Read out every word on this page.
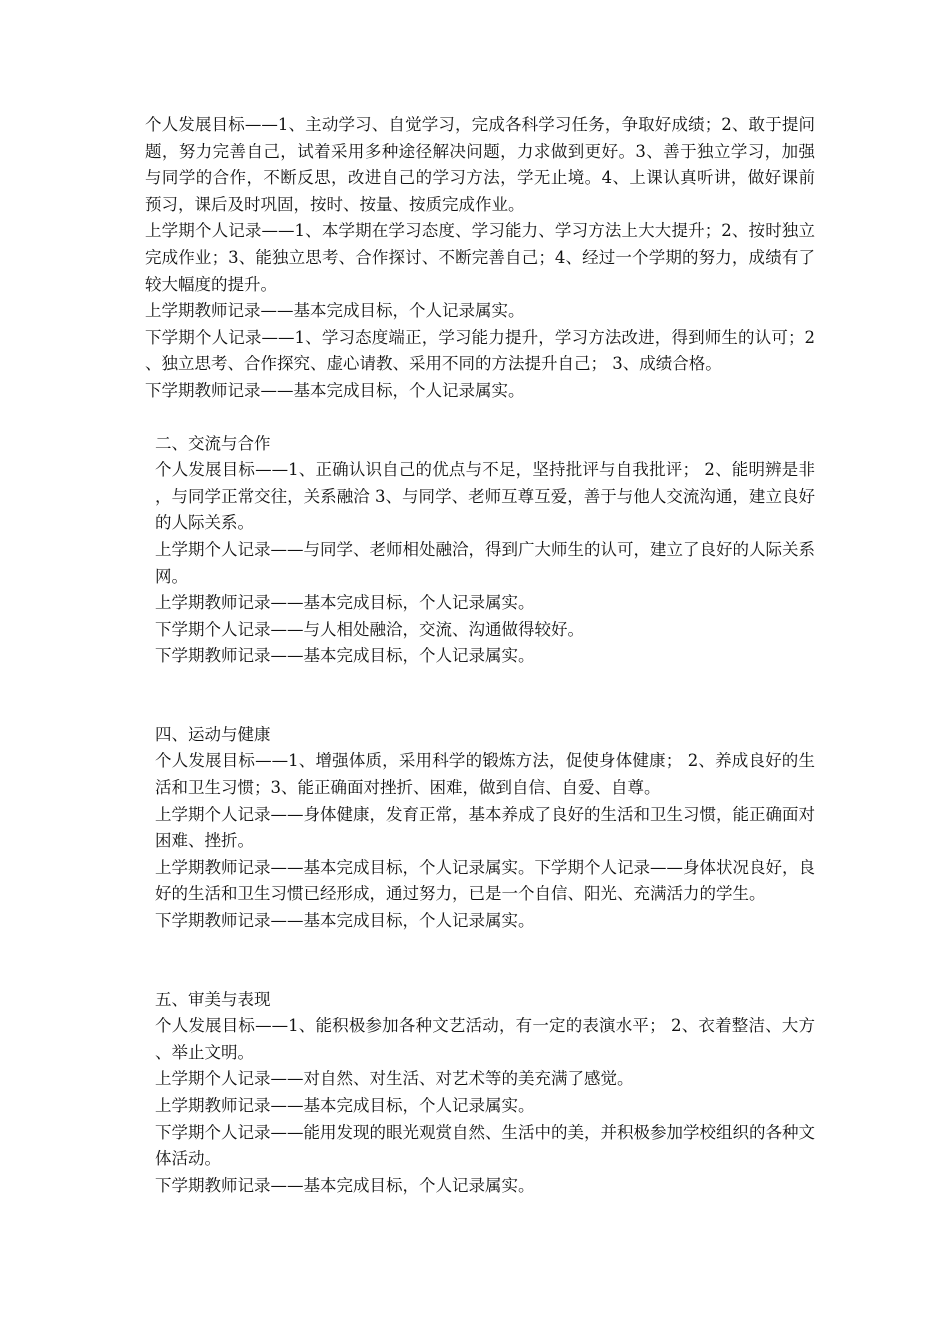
个人发展目标——1、主动学习、自觉学习，完成各科学习任务，争取好成绩；2、敢于提问题，努力完善自己，试着采用多种途径解决问题，力求做到更好。3、善于独立学习，加强与同学的合作，不断反思，改进自己的学习方法，学无止境。4、上课认真听讲，做好课前预习，课后及时巩固，按时、按量、按质完成作业。

上学期个人记录——1、本学期在学习态度、学习能力、学习方法上大大提升；2、按时独立完成作业；3、能独立思考、合作探讨、不断完善自己；4、经过一个学期的努力，成绩有了较大幅度的提升。

上学期教师记录——基本完成目标，个人记录属实。

下学期个人记录——1、学习态度端正，学习能力提升，学习方法改进，得到师生的认可；2、独立思考、合作探究、虚心请教、采用不同的方法提升自己； 3、成绩合格。

下学期教师记录——基本完成目标，个人记录属实。

二、交流与合作

个人发展目标——1、正确认识自己的优点与不足，坚持批评与自我批评； 2、能明辨是非，与同学正常交往，关系融洽 3、与同学、老师互尊互爱，善于与他人交流沟通，建立良好的人际关系。

上学期个人记录——与同学、老师相处融洽，得到广大师生的认可，建立了良好的人际关系网。

上学期教师记录——基本完成目标，个人记录属实。

下学期个人记录——与人相处融洽，交流、沟通做得较好。

下学期教师记录——基本完成目标，个人记录属实。

四、运动与健康

个人发展目标——1、增强体质，采用科学的锻炼方法，促使身体健康； 2、养成良好的生活和卫生习惯；3、能正确面对挫折、困难，做到自信、自爱、自尊。

上学期个人记录——身体健康，发育正常，基本养成了良好的生活和卫生习惯，能正确面对困难、挫折。

上学期教师记录——基本完成目标，个人记录属实。下学期个人记录——身体状况良好，良好的生活和卫生习惯已经形成，通过努力，已是一个自信、阳光、充满活力的学生。

下学期教师记录——基本完成目标，个人记录属实。

五、审美与表现

个人发展目标——1、能积极参加各种文艺活动，有一定的表演水平； 2、衣着整洁、大方、举止文明。

上学期个人记录——对自然、对生活、对艺术等的美充满了感觉。

上学期教师记录——基本完成目标，个人记录属实。

下学期个人记录——能用发现的眼光观赏自然、生活中的美，并积极参加学校组织的各种文体活动。

下学期教师记录——基本完成目标，个人记录属实。
